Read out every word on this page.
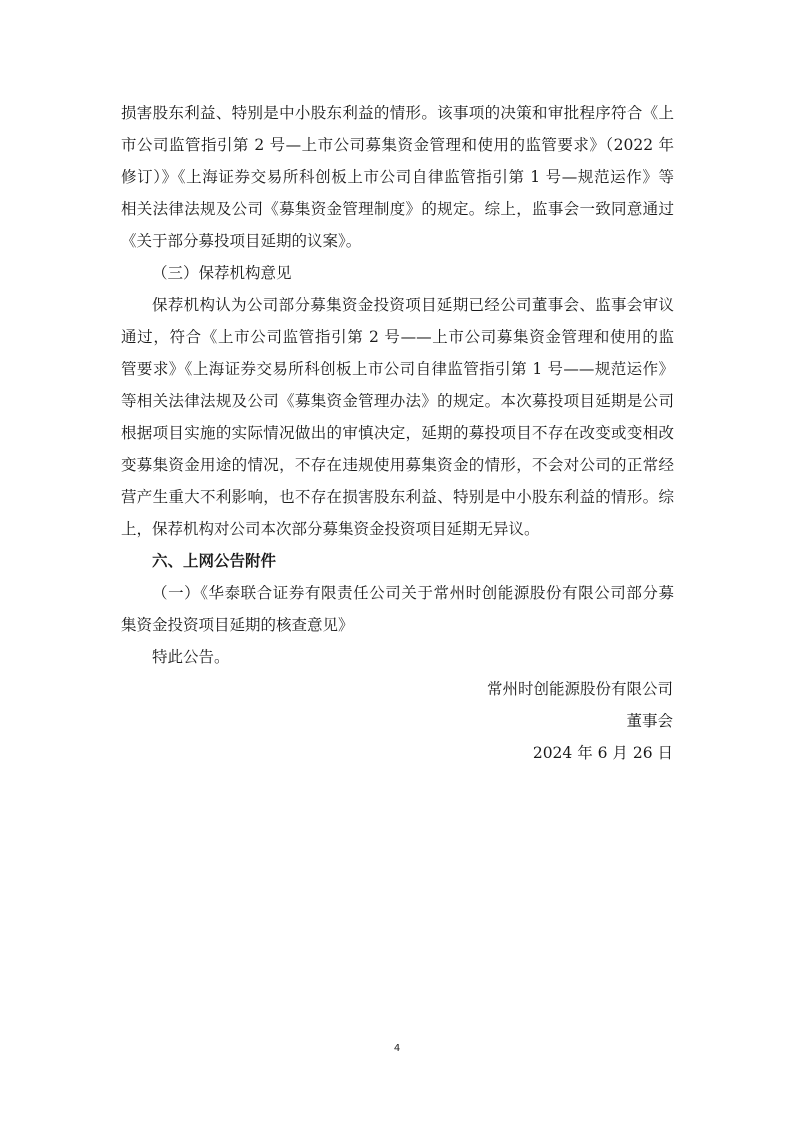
损害股东利益、特别是中小股东利益的情形。该事项的决策和审批程序符合《上
市公司监管指引第 2 号—上市公司募集资金管理和使用的监管要求》（2022 年
修订）》《上海证券交易所科创板上市公司自律监管指引第 1 号—规范运作》等
相关法律法规及公司《募集资金管理制度》的规定。综上，监事会一致同意通过
《关于部分募投项目延期的议案》。
（三）保荐机构意见
保荐机构认为公司部分募集资金投资项目延期已经公司董事会、监事会审议
通过，符合《上市公司监管指引第 2 号——上市公司募集资金管理和使用的监
管要求》《上海证券交易所科创板上市公司自律监管指引第 1 号——规范运作》
等相关法律法规及公司《募集资金管理办法》的规定。本次募投项目延期是公司
根据项目实施的实际情况做出的审慎决定，延期的募投项目不存在改变或变相改
变募集资金用途的情况，不存在违规使用募集资金的情形，不会对公司的正常经
营产生重大不利影响，也不存在损害股东利益、特别是中小股东利益的情形。综
上，保荐机构对公司本次部分募集资金投资项目延期无异议。
六、上网公告附件
（一）《华泰联合证券有限责任公司关于常州时创能源股份有限公司部分募
集资金投资项目延期的核查意见》
特此公告。
常州时创能源股份有限公司
董事会
2024 年 6 月 26 日
4
